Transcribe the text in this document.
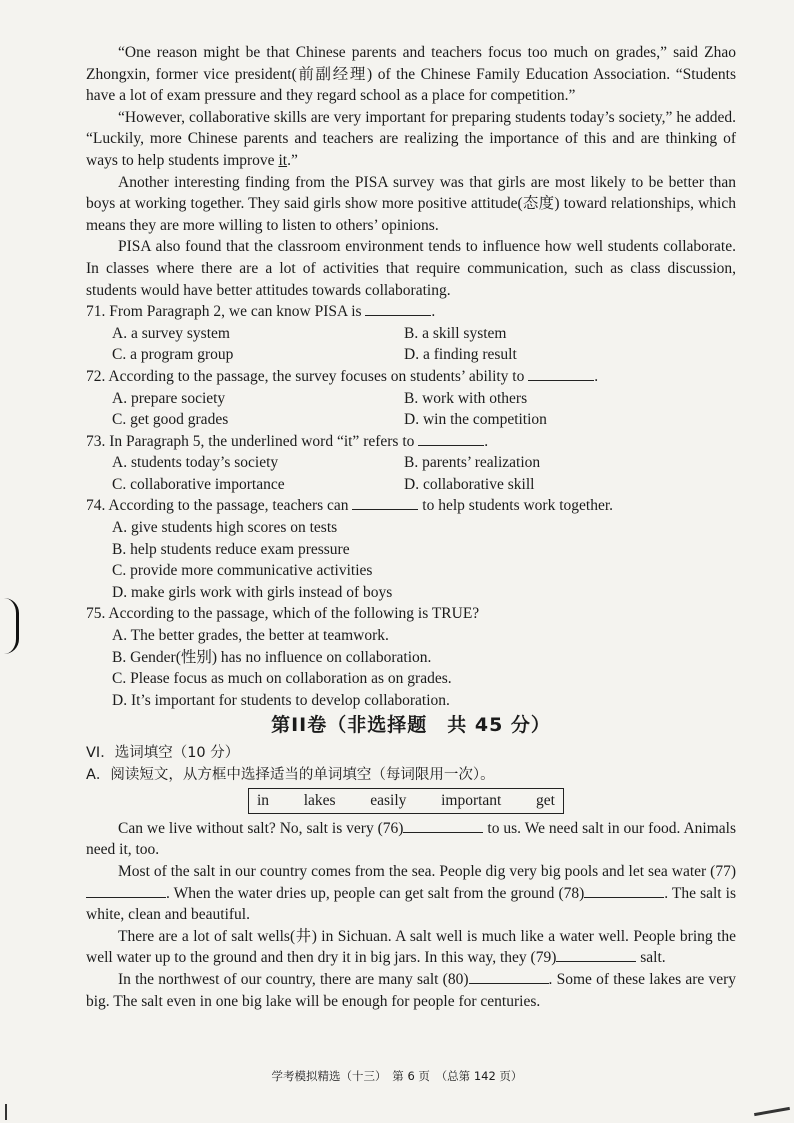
“One reason might be that Chinese parents and teachers focus too much on grades,” said Zhao Zhongxin, former vice president(前副经理) of the Chinese Family Education Association. “Students have a lot of exam pressure and they regard school as a place for competition.”

“However, collaborative skills are very important for preparing students today’s society,” he added. “Luckily, more Chinese parents and teachers are realizing the importance of this and are thinking of ways to help students improve it.”

Another interesting finding from the PISA survey was that girls are most likely to be better than boys at working together. They said girls show more positive attitude(态度) toward relationships, which means they are more willing to listen to others’ opinions.

PISA also found that the classroom environment tends to influence how well students collaborate. In classes where there are a lot of activities that require communication, such as class discussion, students would have better attitudes towards collaborating.

71. From Paragraph 2, we can know PISA is	.

A. a survey system	B. a skill system
C. a program group	D. a finding result

72. According to the passage, the survey focuses on students’ ability to	.

A. prepare society	B. work with others
C. get good grades	D. win the competition

73. In Paragraph 5, the underlined word “it” refers to	.

A. students today’s society	B. parents’ realization
C. collaborative importance	D. collaborative skill

74. According to the passage, teachers can	to help students work together.

A. give students high scores on tests
B. help students reduce exam pressure
C. provide more communicative activities
D. make girls work with girls instead of boys

75. According to the passage, which of the following is TRUE?

A. The better grades, the better at teamwork.
B. Gender(性别) has no influence on collaboration.
C. Please focus as much on collaboration as on grades.
D. It’s important for students to develop collaboration.
第II卷（非选择题　共 45 分）
VI．选词填空（10 分）
A．阅读短文，从方框中选择适当的单词填空（每词限用一次）。
in lakes easily important get

Can we live without salt? No, salt is very (76)	to us. We need salt in our food. Animals need it, too.

Most of the salt in our country comes from the sea. People dig very big pools and let sea water (77). When the water dries up, people can get salt from the ground (78)	. The salt is white, clean and beautiful.

There are a lot of salt wells(井) in Sichuan. A salt well is much like a water well. People bring the well water up to the ground and then dry it in big jars. In this way, they (79)	salt.

In the northwest of our country, there are many salt (80)	. Some of these lakes are very big. The salt even in one big lake will be enough for people for centuries.

学考模拟精选（十三）　第 6 页　（总第 142 页）
